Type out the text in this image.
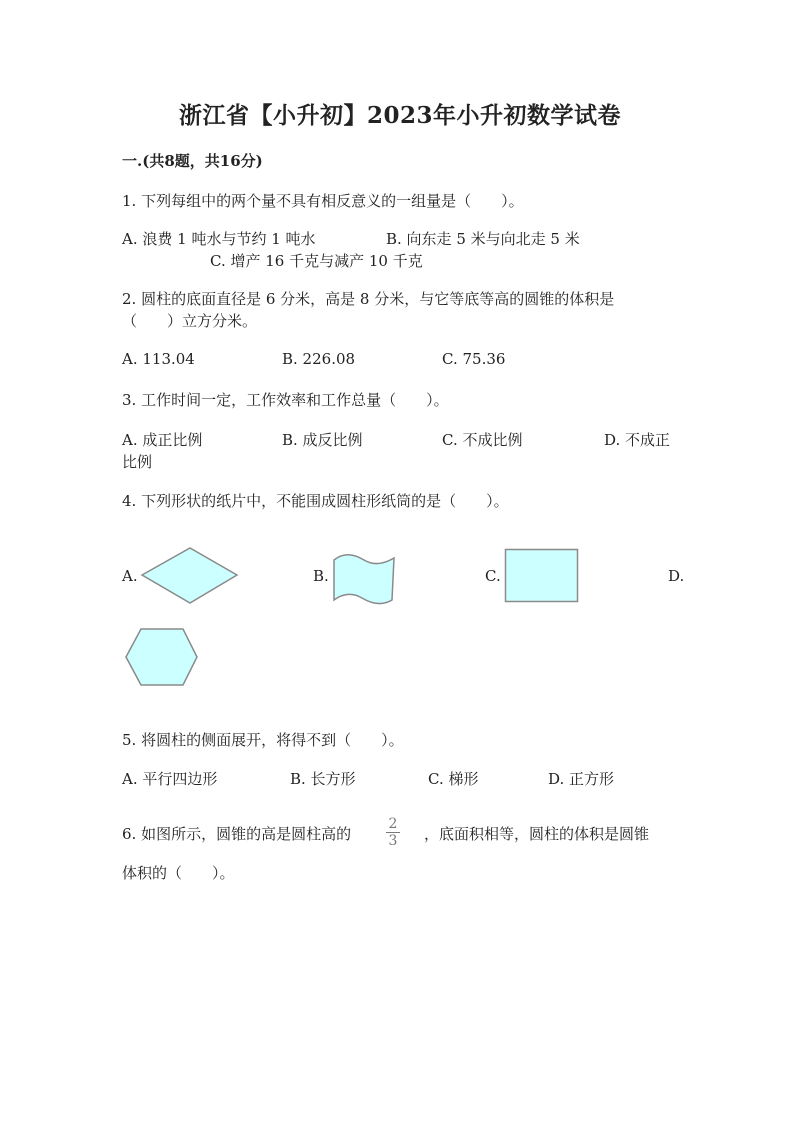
浙江省【小升初】2023年小升初数学试卷
一.(共8题，共16分)
1. 下列每组中的两个量不具有相反意义的一组量是（　　）。
A. 浪费 1 吨水与节约 1 吨水	B. 向东走 5 米与向北走 5 米
C. 增产 16 千克与减产 10 千克
2. 圆柱的底面直径是 6 分米，高是 8 分米，与它等底等高的圆锥的体积是
（　　）立方分米。
A. 113.04	B. 226.08	C. 75.36
3. 工作时间一定，工作效率和工作总量（　　）。
A. 成正比例	B. 成反比例	C. 不成比例	D. 不成正
比例
4. 下列形状的纸片中，不能围成圆柱形纸筒的是（　　）。
A.	B.	C.	D.
5. 将圆柱的侧面展开，将得不到（　　）。
A. 平行四边形	B. 长方形	C. 梯形	D. 正方形
6. 如图所示，圆锥的高是圆柱高的
2
3	，底面积相等，圆柱的体积是圆锥
体积的（　　）。
